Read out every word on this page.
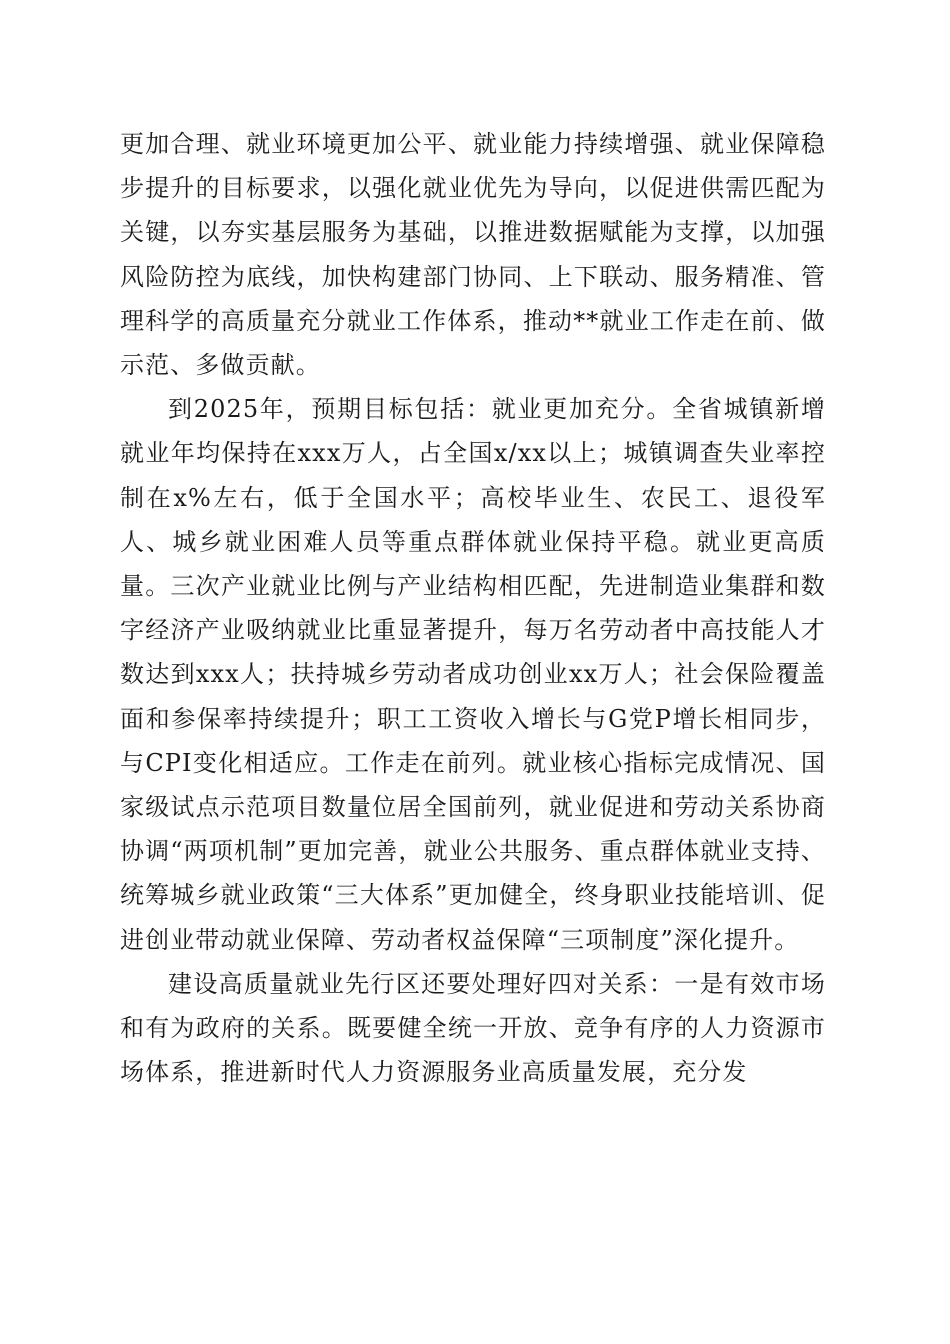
更加合理、就业环境更加公平、就业能力持续增强、就业保障稳步提升的目标要求，以强化就业优先为导向，以促进供需匹配为关键，以夯实基层服务为基础，以推进数据赋能为支撑，以加强风险防控为底线，加快构建部门协同、上下联动、服务精准、管理科学的高质量充分就业工作体系，推动**就业工作走在前、做示范、多做贡献。

到2025年，预期目标包括：就业更加充分。全省城镇新增就业年均保持在xxx万人，占全国x/xx以上；城镇调查失业率控制在x%左右，低于全国水平；高校毕业生、农民工、退役军人、城乡就业困难人员等重点群体就业保持平稳。就业更高质量。三次产业就业比例与产业结构相匹配，先进制造业集群和数字经济产业吸纳就业比重显著提升，每万名劳动者中高技能人才数达到xxx人；扶持城乡劳动者成功创业xx万人；社会保险覆盖面和参保率持续提升；职工工资收入增长与G党P增长相同步，与CPI变化相适应。工作走在前列。就业核心指标完成情况、国家级试点示范项目数量位居全国前列，就业促进和劳动关系协商协调“两项机制”更加完善，就业公共服务、重点群体就业支持、统筹城乡就业政策“三大体系”更加健全，终身职业技能培训、促进创业带动就业保障、劳动者权益保障“三项制度”深化提升。

建设高质量就业先行区还要处理好四对关系：一是有效市场和有为政府的关系。既要健全统一开放、竞争有序的人力资源市场体系，推进新时代人力资源服务业高质量发展，充分发
